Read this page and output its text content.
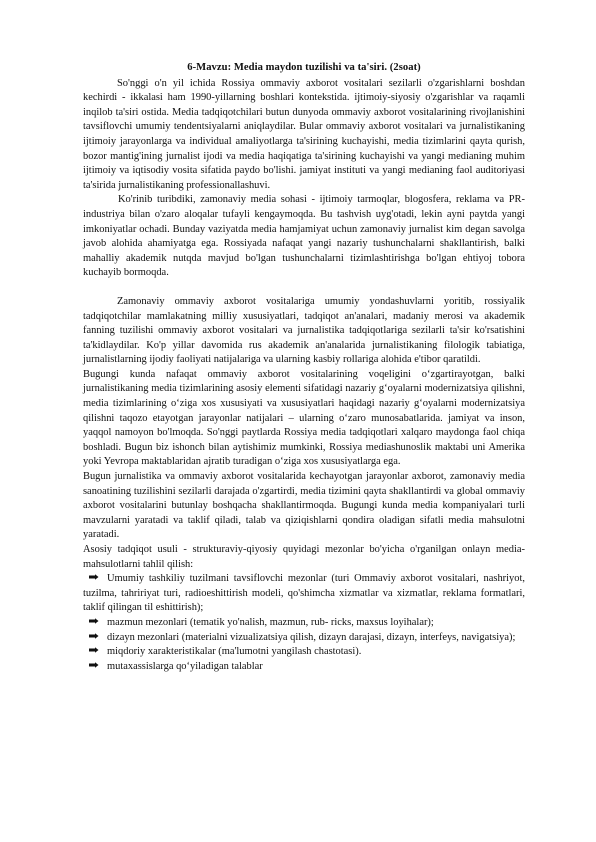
6-Mavzu: Media maydon tuzilishi va ta'siri. (2soat)

So'nggi o'n yil ichida Rossiya ommaviy axborot vositalari sezilarli o'zgarishlarni boshdan kechirdi - ikkalasi ham 1990-yillarning boshlari kontekstida. ijtimoiy-siyosiy o'zgarishlar va raqamli inqilob ta'siri ostida. Media tadqiqotchilari butun dunyoda ommaviy axborot vositalarining rivojlanishini tavsiflovchi umumiy tendentsiyalarni aniqlaydilar. Bular ommaviy axborot vositalari va jurnalistikaning ijtimoiy jarayonlarga va individual amaliyotlarga ta'sirining kuchayishi, media tizimlarini qayta qurish, bozor mantig'ining jurnalist ijodi va media haqiqatiga ta'sirining kuchayishi va yangi medianing muhim ijtimoiy va iqtisodiy vosita sifatida paydo bo'lishi. jamiyat instituti va yangi medianing faol auditoriyasi ta'sirida jurnalistikaning professionallashuvi.

Ko'rinib turibdiki, zamonaviy media sohasi - ijtimoiy tarmoqlar, blogosfera, reklama va PR-industriya bilan o'zaro aloqalar tufayli kengaymoqda. Bu tashvish uyg'otadi, lekin ayni paytda yangi imkoniyatlar ochadi. Bunday vaziyatda media hamjamiyat uchun zamonaviy jurnalist kim degan savolga javob alohida ahamiyatga ega. Rossiyada nafaqat yangi nazariy tushunchalarni shakllantirish, balki mahalliy akademik nutqda mavjud bo'lgan tushunchalarni tizimlashtirishga bo'lgan ehtiyoj tobora kuchayib bormoqda.

Zamonaviy ommaviy axborot vositalariga umumiy yondashuvlarni yoritib, rossiyalik tadqiqotchilar mamlakatning milliy xususiyatlari, tadqiqot an'analari, madaniy merosi va akademik fanning tuzilishi ommaviy axborot vositalari va jurnalistika tadqiqotlariga sezilarli ta'sir ko'rsatishini ta'kidlaydilar. Ko'p yillar davomida rus akademik an'analarida jurnalistikaning filologik tabiatiga, jurnalistlarning ijodiy faoliyati natijalariga va ularning kasbiy rollariga alohida e'tibor qaratildi.

Bugungi kunda nafaqat ommaviy axborot vositalarining voqeligini o‘zgartirayotgan, balki jurnalistikaning media tizimlarining asosiy elementi sifatidagi nazariy g‘oyalarni modernizatsiya qilishni, media tizimlarining o‘ziga xos xususiyati va xususiyatlari haqidagi nazariy g‘oyalarni modernizatsiya qilishni taqozo etayotgan jarayonlar natijalari – ularning o‘zaro munosabatlarida. jamiyat va inson, yaqqol namoyon bo'lmoqda. So'nggi paytlarda Rossiya media tadqiqotlari xalqaro maydonga faol chiqa boshladi. Bugun biz ishonch bilan aytishimiz mumkinki, Rossiya mediashunoslik maktabi uni Amerika yoki Yevropa maktablaridan ajratib turadigan o‘ziga xos xususiyatlarga ega.

Bugun jurnalistika va ommaviy axborot vositalarida kechayotgan jarayonlar axborot, zamonaviy media sanoatining tuzilishini sezilarli darajada o'zgartirdi, media tizimini qayta shakllantirdi va global ommaviy axborot vositalarini butunlay boshqacha shakllantirmoqda. Bugungi kunda media kompaniyalari turli mavzularni yaratadi va taklif qiladi, talab va qiziqishlarni qondira oladigan sifatli media mahsulotni yaratadi.

Asosiy tadqiqot usuli - strukturaviy-qiyosiy quyidagi mezonlar bo'yicha o'rganilgan onlayn media-mahsulotlarni tahlil qilish:

Umumiy tashkiliy tuzilmani tavsiflovchi mezonlar (turi Ommaviy axborot vositalari, nashriyot, tuzilma, tahririyat turi, radioeshittirish modeli, qo'shimcha xizmatlar va xizmatlar, reklama formatlari, taklif qilingan til eshittirish);

mazmun mezonlari (tematik yo'nalish, mazmun, rub- ricks, maxsus loyihalar);

dizayn mezonlari (materialni vizualizatsiya qilish, dizayn darajasi, dizayn, interfeys, navigatsiya);

miqdoriy xarakteristikalar (ma'lumotni yangilash chastotasi).

mutaxassislarga qo‘yiladigan talablar
